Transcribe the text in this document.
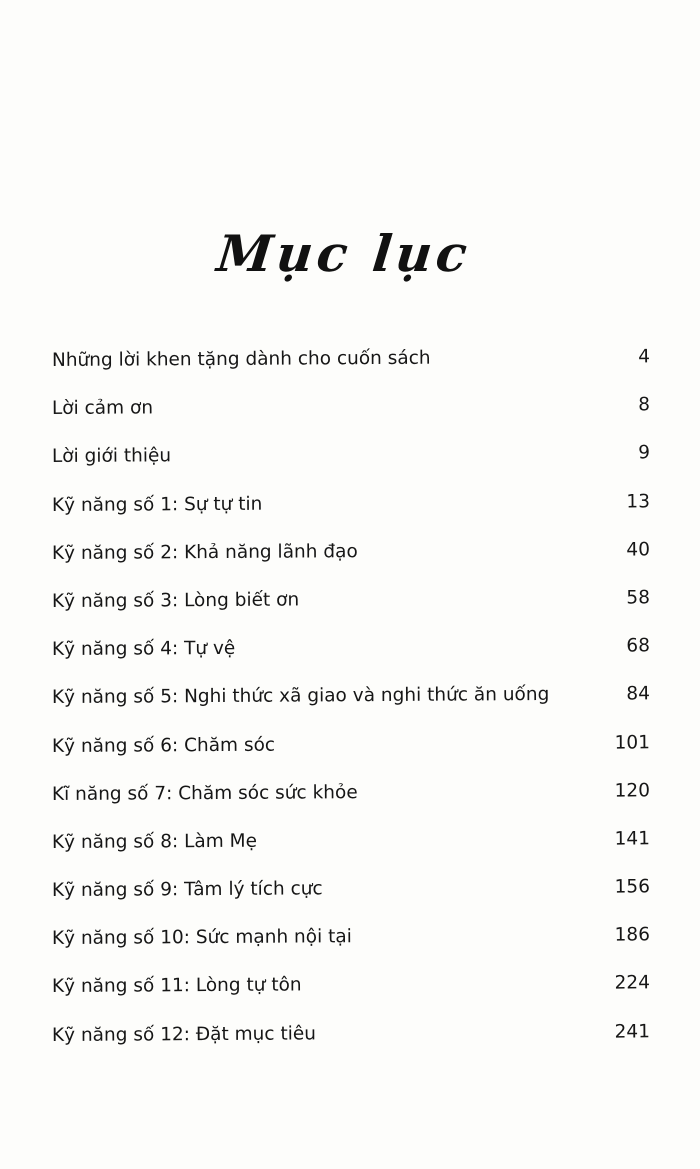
Mục lục
Những lời khen tặng dành cho cuốn sách	4
Lời cảm ơn	8
Lời giới thiệu	9
Kỹ năng số 1: Sự tự tin	13
Kỹ năng số 2: Khả năng lãnh đạo	40
Kỹ năng số 3: Lòng biết ơn	58
Kỹ năng số 4: Tự vệ	68
Kỹ năng số 5: Nghi thức xã giao và nghi thức ăn uống	84
Kỹ năng số 6: Chăm sóc	101
Kĩ năng số 7: Chăm sóc sức khỏe	120
Kỹ năng số 8: Làm Mẹ	141
Kỹ năng số 9: Tâm lý tích cực	156
Kỹ năng số 10: Sức mạnh nội tại	186
Kỹ năng số 11: Lòng tự tôn	224
Kỹ năng số 12: Đặt mục tiêu	241
